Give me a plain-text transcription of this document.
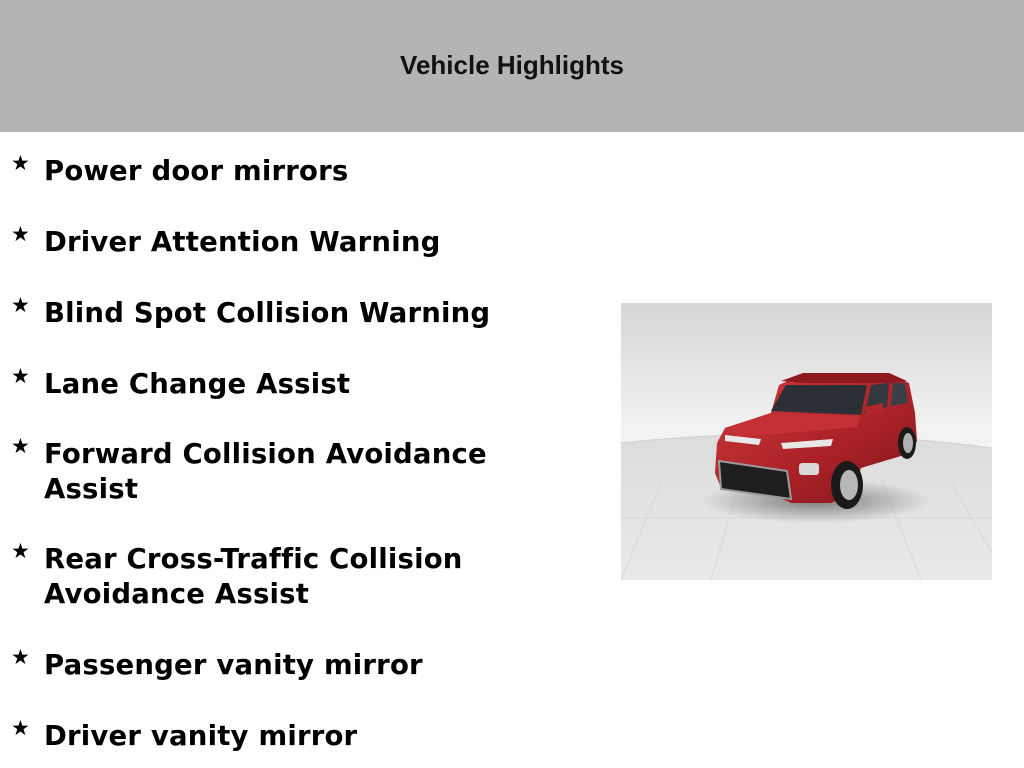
Vehicle Highlights
★ Power door mirrors
★ Driver Attention Warning
★ Blind Spot Collision Warning
★ Lane Change Assist
★ Forward Collision Avoidance Assist
★ Rear Cross-Traffic Collision Avoidance Assist
★ Passenger vanity mirror
★ Driver vanity mirror
